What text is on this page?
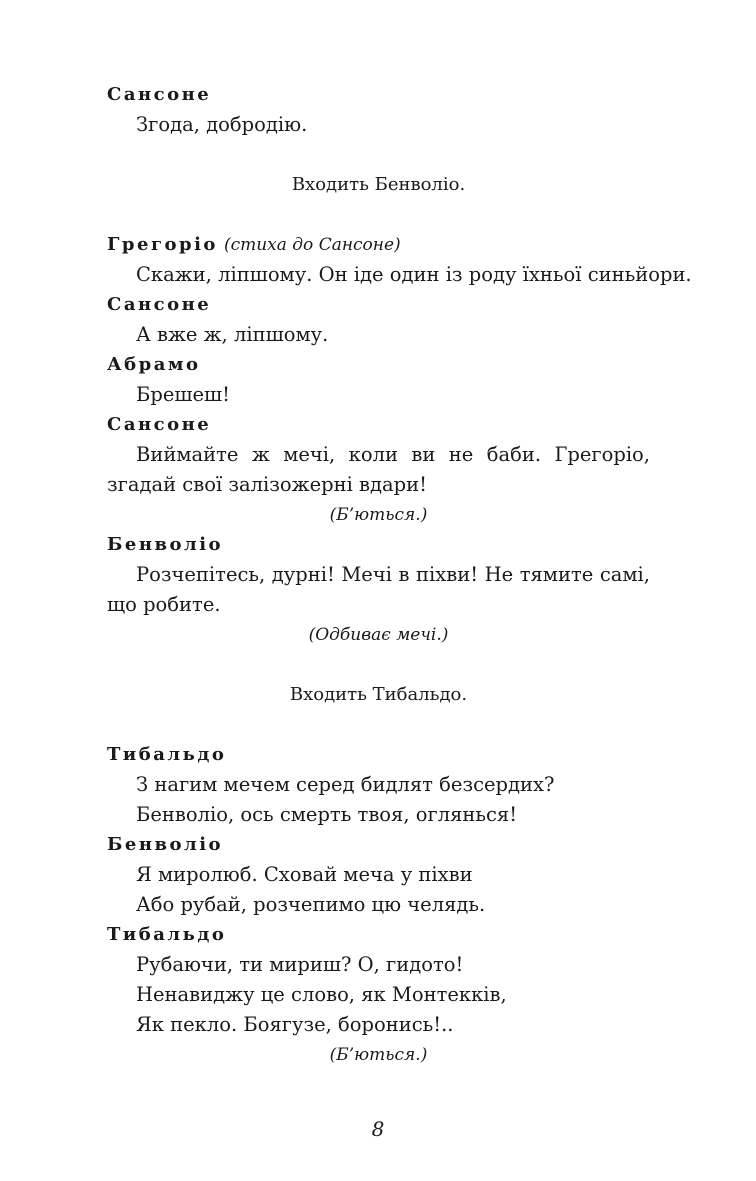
Сансоне
Згода, добродію.
Входить Бенволіо.
Грегоріо (стиха до Сансоне)
Скажи, ліпшому. Он іде один із роду їхньої синьйори.
Сансоне
А вже ж, ліпшому.
Абрамо
Брешеш!
Сансоне
Виймайте ж мечі, коли ви не баби. Грегоріо, згадай свої залізожерні вдари!
(Б’ються.)
Бенволіо
Розчепітесь, дурні! Мечі в піхви! Не тямите самі, що робите.
(Одбиває мечі.)
Входить Тибальдо.
Тибальдо
З нагим мечем серед бидлят безсердих?
Бенволіо, ось смерть твоя, оглянься!
Бенволіо
Я миролюб. Сховай меча у піхви
Або рубай, розчепимо цю челядь.
Тибальдо
Рубаючи, ти мириш? О, гидото!
Ненавиджу це слово, як Монтекків,
Як пекло. Боягузе, боронись!..
(Б’ються.)
8
